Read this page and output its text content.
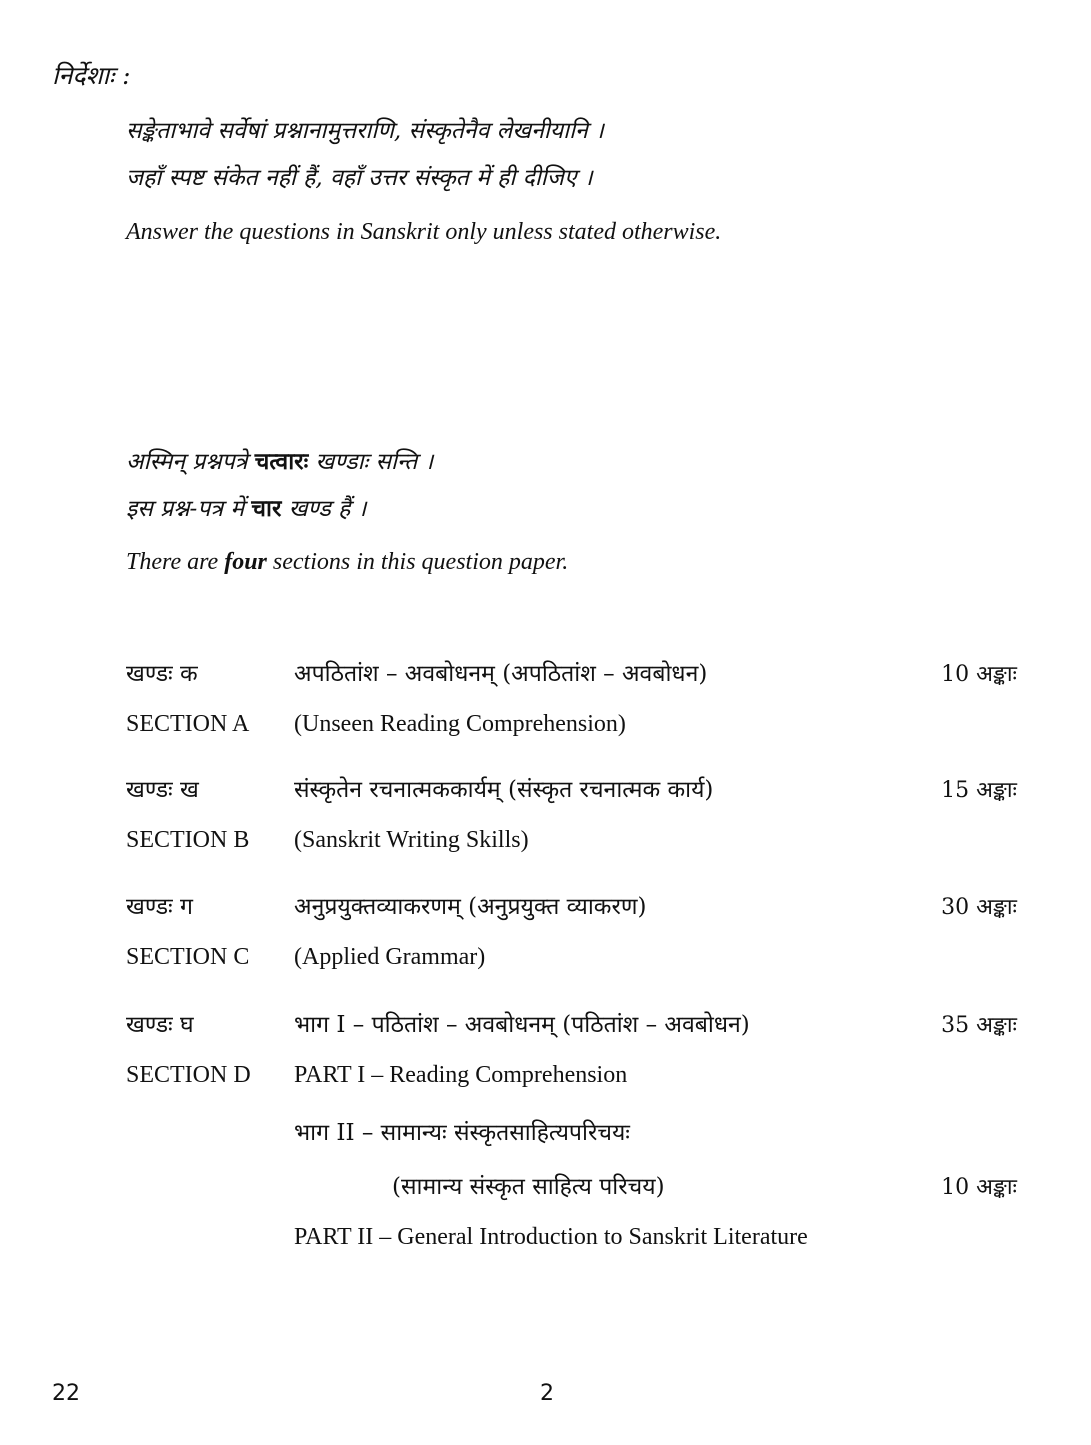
निर्देशाः :
सङ्केताभावे सर्वेषां प्रश्नानामुत्तराणि, संस्कृतेनैव लेखनीयानि ।
जहाँ स्पष्ट संकेत नहीं हैं, वहाँ उत्तर संस्कृत में ही दीजिए ।
Answer the questions in Sanskrit only unless stated otherwise.
अस्मिन् प्रश्नपत्रे चत्वारः खण्डाः सन्ति ।
इस प्रश्न-पत्र में चार खण्ड हैं ।
There are four sections in this question paper.
खण्डः क	अपठितांश – अवबोधनम् (अपठितांश – अवबोधन)	10 अङ्काः
SECTION A (Unseen Reading Comprehension)
खण्डः ख	संस्कृतेन रचनात्मककार्यम् (संस्कृत रचनात्मक कार्य)	15 अङ्काः
SECTION B (Sanskrit Writing Skills)
खण्डः ग	अनुप्रयुक्तव्याकरणम् (अनुप्रयुक्त व्याकरण)	30 अङ्काः
SECTION C (Applied Grammar)
खण्डः घ	भाग I – पठितांश – अवबोधनम् (पठितांश – अवबोधन)	35 अङ्काः
SECTION D PART I – Reading Comprehension
भाग II – सामान्यः संस्कृतसाहित्यपरिचयः
(सामान्य संस्कृत साहित्य परिचय)	10 अङ्काः
PART II – General Introduction to Sanskrit Literature
22	2
